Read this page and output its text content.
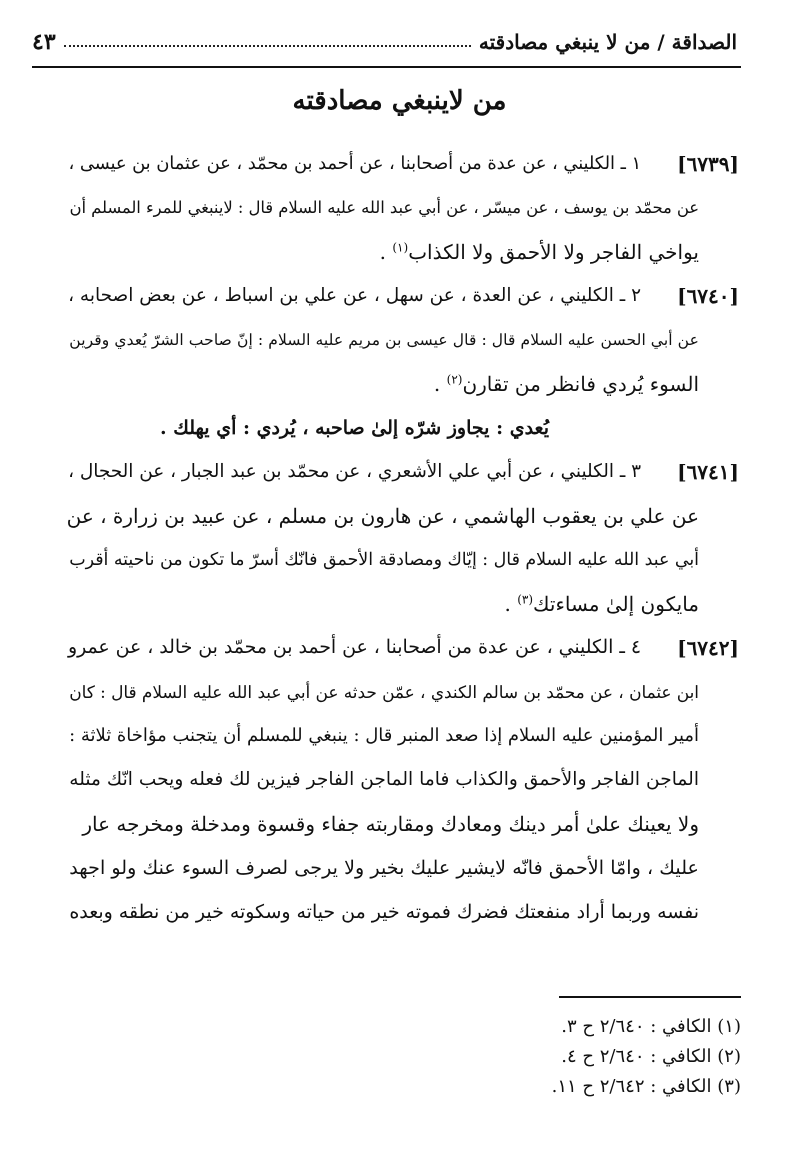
الصداقة / من لا ينبغي مصادقته
٤٣
من لاينبغي مصادقته
[٦٧٣٩]
١ ـ الكليني ، عن عدة من أصحابنا ، عن أحمد بن محمّد ، عن عثمان بن عيسى ،
عن محمّد بن يوسف ، عن ميسّر ، عن أبي عبد الله عليه السلام قال : لاينبغي للمرء المسلم أن
يواخي الفاجر ولا الأحمق ولا الكذاب$^{(١)}$ .
[٦٧٤٠]
٢ ـ الكليني ، عن العدة ، عن سهل ، عن علي بن اسباط ، عن بعض اصحابه ،
عن أبي الحسن عليه السلام قال : قال عيسى بن مريم عليه السلام : إنّ صاحب الشرّ يُعدي وقرين
السوء يُردي فانظر من تقارن$^{(٢)}$ .

يُعدي : يجاوز شرّه إلىٰ صاحبه ، يُردي : أي يهلك .

[٦٧٤١]
٣ ـ الكليني ، عن أبي علي الأشعري ، عن محمّد بن عبد الجبار ، عن الحجال ،
عن علي بن يعقوب الهاشمي ، عن هارون بن مسلم ، عن عبيد بن زرارة ، عن
أبي عبد الله عليه السلام قال : إيّاك ومصادقة الأحمق فانّك أسرّ ما تكون من ناحيته أقرب
مايكون إلىٰ مساءتك$^{(٣)}$ .
[٦٧٤٢]
٤ ـ الكليني ، عن عدة من أصحابنا ، عن أحمد بن محمّد بن خالد ، عن عمرو
ابن عثمان ، عن محمّد بن سالم الكندي ، عمّن حدثه عن أبي عبد الله عليه السلام قال : كان
أمير المؤمنين عليه السلام إذا صعد المنبر قال : ينبغي للمسلم أن يتجنب مؤاخاة ثلاثة :
الماجن الفاجر والأحمق والكذاب فاما الماجن الفاجر فيزين لك فعله ويحب انّك مثله
ولا يعينك علىٰ أمر دينك ومعادك ومقاربته جفاء وقسوة ومدخلة ومخرجه عار
عليك ، وامّا الأحمق فانّه لايشير عليك بخير ولا يرجى لصرف السوء عنك ولو اجهد
نفسه وربما أراد منفعتك فضرك فموته خير من حياته وسكوته خير من نطقه وبعده
(١) الكافي : ٢/٦٤٠ ح ٣.
(٢) الكافي : ٢/٦٤٠ ح ٤.
(٣) الكافي : ٢/٦٤٢ ح ١١.
